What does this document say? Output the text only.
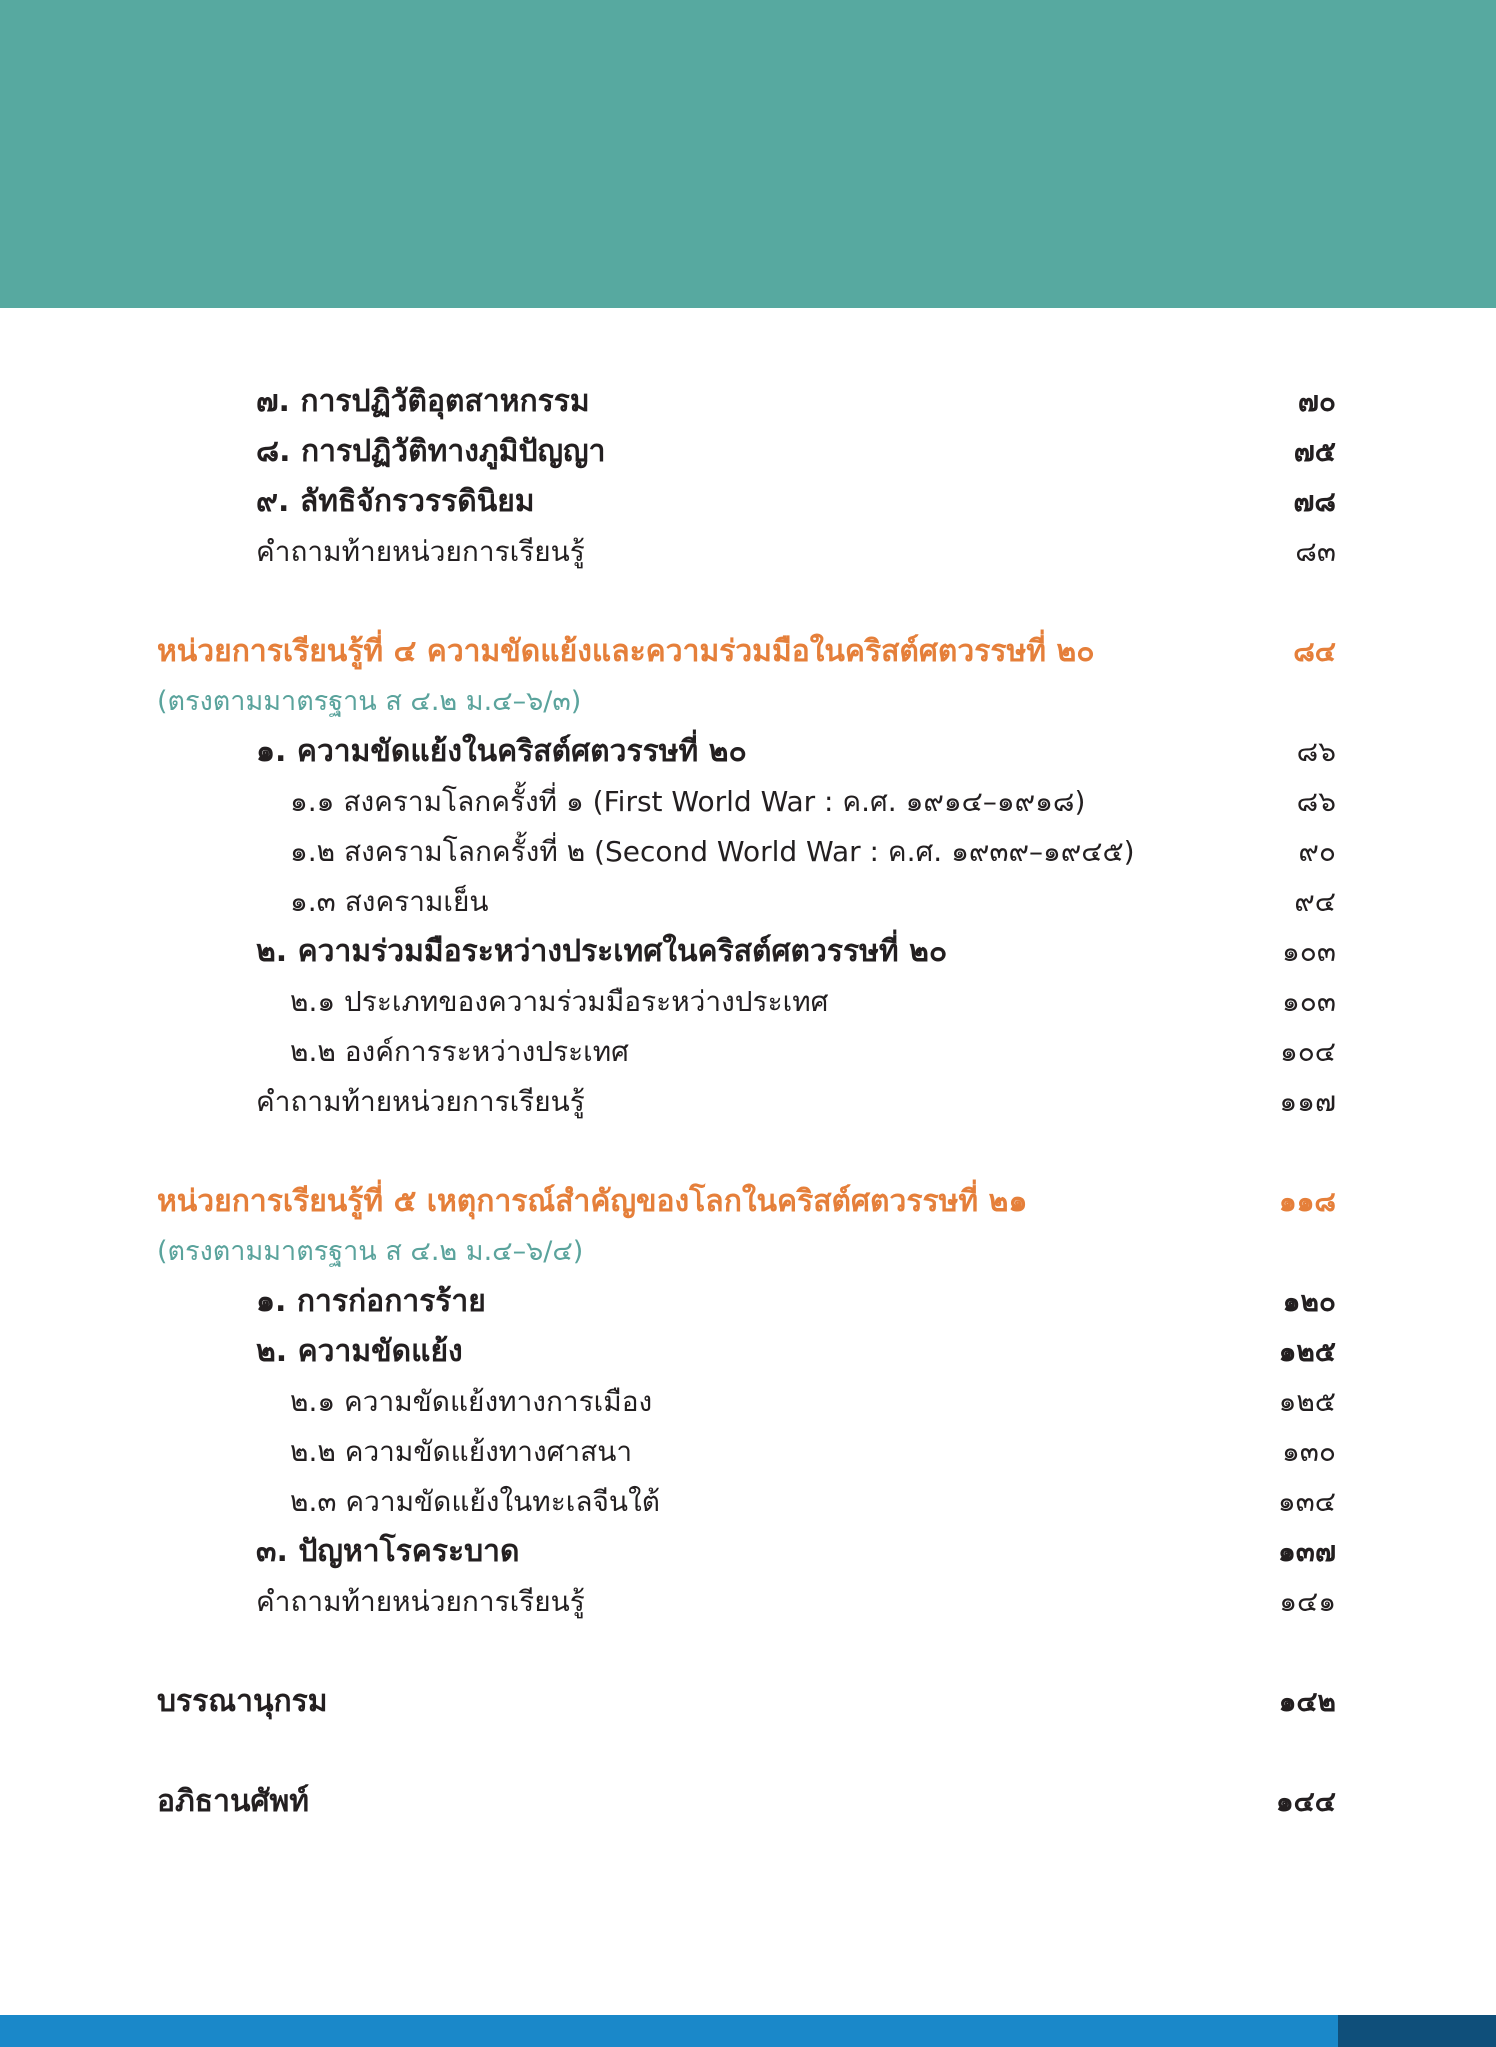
๗. การปฏิวัติอุตสาหกรรม	๗๐
๘. การปฏิวัติทางภูมิปัญญา	๗๕
๙. ลัทธิจักรวรรดินิยม	๗๘
คำถามท้ายหน่วยการเรียนรู้	๘๓
หน่วยการเรียนรู้ที่ ๔ ความขัดแย้งและความร่วมมือในคริสต์ศตวรรษที่ ๒๐	๘๔
(ตรงตามมาตรฐาน ส ๔.๒ ม.๔–๖/๓)
๑. ความขัดแย้งในคริสต์ศตวรรษที่ ๒๐	๘๖
๑.๑ สงครามโลกครั้งที่ ๑ (First World War : ค.ศ. ๑๙๑๔–๑๙๑๘)	๘๖
๑.๒ สงครามโลกครั้งที่ ๒ (Second World War : ค.ศ. ๑๙๓๙–๑๙๔๕)	๙๐
๑.๓ สงครามเย็น	๙๔
๒. ความร่วมมือระหว่างประเทศในคริสต์ศตวรรษที่ ๒๐	๑๐๓
๒.๑ ประเภทของความร่วมมือระหว่างประเทศ	๑๐๓
๒.๒ องค์การระหว่างประเทศ	๑๐๔
คำถามท้ายหน่วยการเรียนรู้	๑๑๗
หน่วยการเรียนรู้ที่ ๕ เหตุการณ์สำคัญของโลกในคริสต์ศตวรรษที่ ๒๑	๑๑๘
(ตรงตามมาตรฐาน ส ๔.๒ ม.๔–๖/๔)
๑. การก่อการร้าย	๑๒๐
๒. ความขัดแย้ง	๑๒๕
๒.๑ ความขัดแย้งทางการเมือง	๑๒๕
๒.๒ ความขัดแย้งทางศาสนา	๑๓๐
๒.๓ ความขัดแย้งในทะเลจีนใต้	๑๓๔
๓. ปัญหาโรคระบาด	๑๓๗
คำถามท้ายหน่วยการเรียนรู้	๑๔๑
บรรณานุกรม	๑๔๒
อภิธานศัพท์	๑๔๔
